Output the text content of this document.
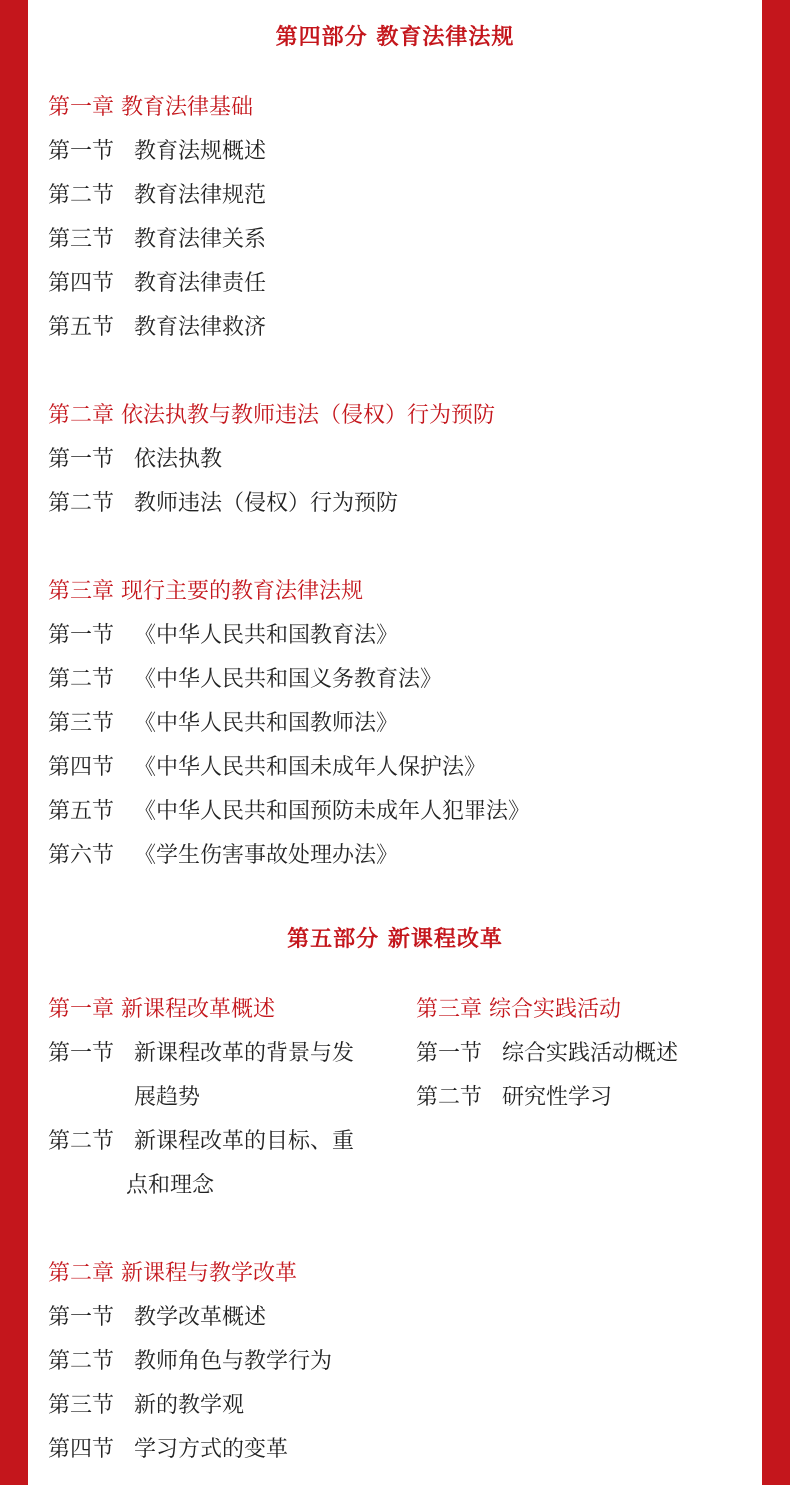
第四部分 教育法律法规
第一章 教育法律基础
第一节 教育法规概述
第二节 教育法律规范
第三节 教育法律关系
第四节 教育法律责任
第五节 教育法律救济
第二章 依法执教与教师违法（侵权）行为预防
第一节 依法执教
第二节 教师违法（侵权）行为预防
第三章 现行主要的教育法律法规
第一节 《中华人民共和国教育法》
第二节 《中华人民共和国义务教育法》
第三节 《中华人民共和国教师法》
第四节 《中华人民共和国未成年人保护法》
第五节 《中华人民共和国预防未成年人犯罪法》
第六节 《学生伤害事故处理办法》
第五部分 新课程改革
第一章 新课程改革概述
第一节 新课程改革的背景与发
展趋势
第二节 新课程改革的目标、重
点和理念
第三章 综合实践活动
第一节 综合实践活动概述
第二节 研究性学习
第二章 新课程与教学改革
第一节 教学改革概述
第二节 教师角色与教学行为
第三节 新的教学观
第四节 学习方式的变革
